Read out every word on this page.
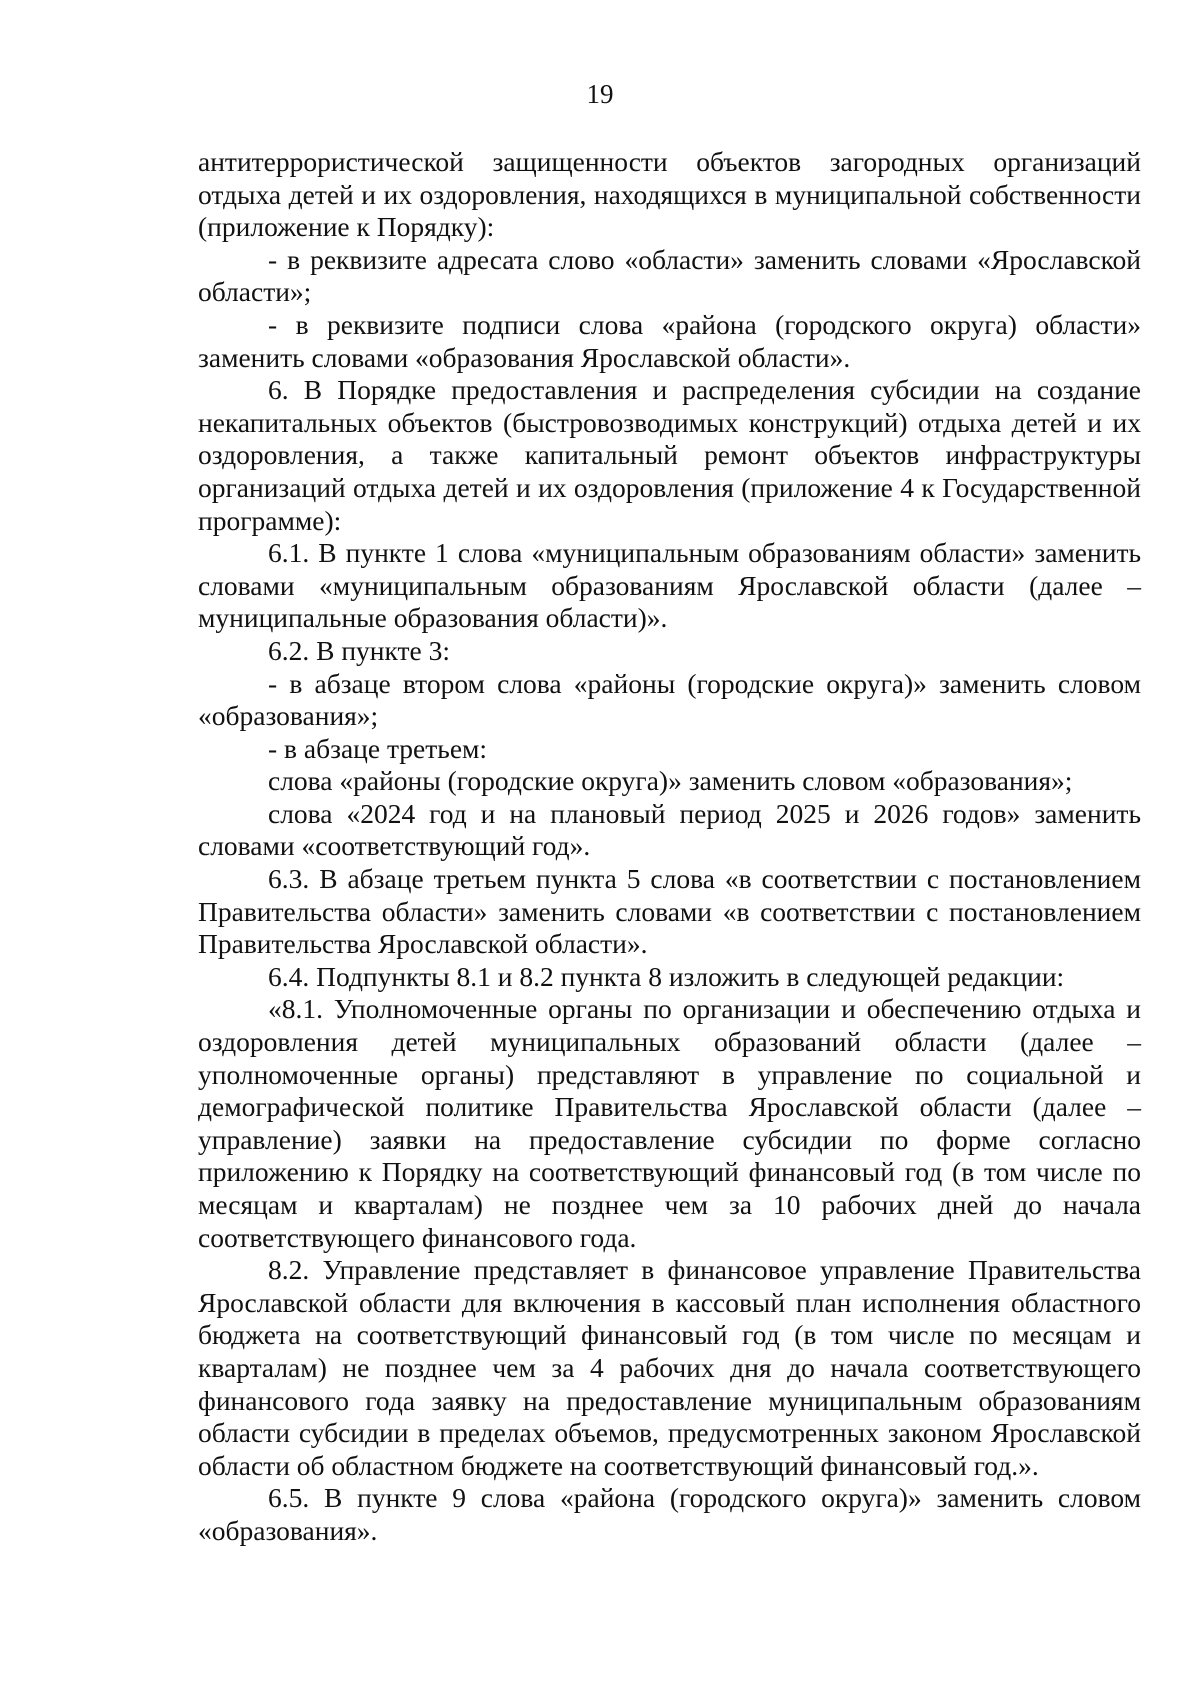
19

антитеррористической защищенности объектов загородных организаций отдыха детей и их оздоровления, находящихся в муниципальной собственности (приложение к Порядку):

- в реквизите адресата слово «области» заменить словами «Ярославской области»;

- в реквизите подписи слова «района (городского округа) области» заменить словами «образования Ярославской области».

6. В Порядке предоставления и распределения субсидии на создание некапитальных объектов (быстровозводимых конструкций) отдыха детей и их оздоровления, а также капитальный ремонт объектов инфраструктуры организаций отдыха детей и их оздоровления (приложение 4 к Государственной программе):

6.1. В пункте 1 слова «муниципальным образованиям области» заменить словами «муниципальным образованиям Ярославской области (далее – муниципальные образования области)».

6.2. В пункте 3:

- в абзаце втором слова «районы (городские округа)» заменить словом «образования»;

- в абзаце третьем:

слова «районы (городские округа)» заменить словом «образования»;

слова «2024 год и на плановый период 2025 и 2026 годов» заменить словами «соответствующий год».

6.3. В абзаце третьем пункта 5 слова «в соответствии с постановлением Правительства области» заменить словами «в соответствии с постановлением Правительства Ярославской области».

6.4. Подпункты 8.1 и 8.2 пункта 8 изложить в следующей редакции:

«8.1. Уполномоченные органы по организации и обеспечению отдыха и оздоровления детей муниципальных образований области (далее – уполномоченные органы) представляют в управление по социальной и демографической политике Правительства Ярославской области (далее – управление) заявки на предоставление субсидии по форме согласно приложению к Порядку на соответствующий финансовый год (в том числе по месяцам и кварталам) не позднее чем за 10 рабочих дней до начала соответствующего финансового года.

8.2. Управление представляет в финансовое управление Правительства Ярославской области для включения в кассовый план исполнения областного бюджета на соответствующий финансовый год (в том числе по месяцам и кварталам) не позднее чем за 4 рабочих дня до начала соответствующего финансового года заявку на предоставление муниципальным образованиям области субсидии в пределах объемов, предусмотренных законом Ярославской области об областном бюджете на соответствующий финансовый год.».

6.5. В пункте 9 слова «района (городского округа)» заменить словом «образования».
